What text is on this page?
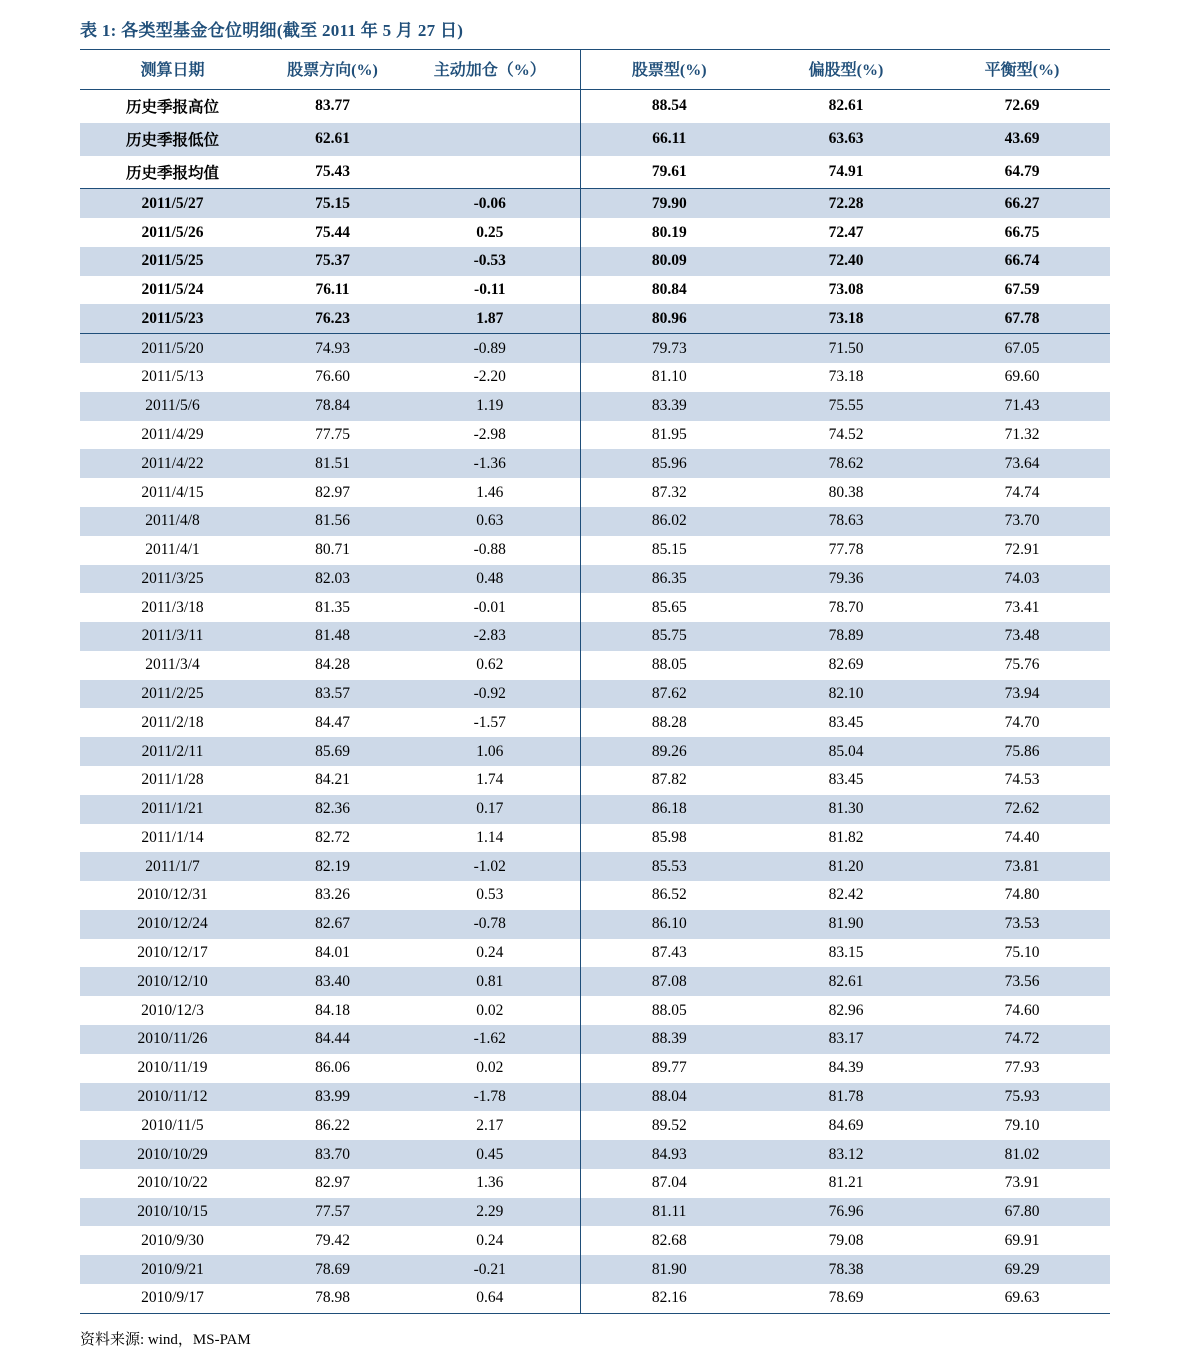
表 1: 各类型基金仓位明细(截至 2011 年 5 月 27 日)
测算日期	股票方向(%)	主动加仓（%）	股票型(%)	偏股型(%)	平衡型(%)
历史季报高位	83.77		88.54	82.61	72.69
历史季报低位	62.61		66.11	63.63	43.69
历史季报均值	75.43		79.61	74.91	64.79
2011/5/27	75.15	-0.06	79.90	72.28	66.27
2011/5/26	75.44	0.25	80.19	72.47	66.75
2011/5/25	75.37	-0.53	80.09	72.40	66.74
2011/5/24	76.11	-0.11	80.84	73.08	67.59
2011/5/23	76.23	1.87	80.96	73.18	67.78
2011/5/20	74.93	-0.89	79.73	71.50	67.05
2011/5/13	76.60	-2.20	81.10	73.18	69.60
2011/5/6	78.84	1.19	83.39	75.55	71.43
2011/4/29	77.75	-2.98	81.95	74.52	71.32
2011/4/22	81.51	-1.36	85.96	78.62	73.64
2011/4/15	82.97	1.46	87.32	80.38	74.74
2011/4/8	81.56	0.63	86.02	78.63	73.70
2011/4/1	80.71	-0.88	85.15	77.78	72.91
2011/3/25	82.03	0.48	86.35	79.36	74.03
2011/3/18	81.35	-0.01	85.65	78.70	73.41
2011/3/11	81.48	-2.83	85.75	78.89	73.48
2011/3/4	84.28	0.62	88.05	82.69	75.76
2011/2/25	83.57	-0.92	87.62	82.10	73.94
2011/2/18	84.47	-1.57	88.28	83.45	74.70
2011/2/11	85.69	1.06	89.26	85.04	75.86
2011/1/28	84.21	1.74	87.82	83.45	74.53
2011/1/21	82.36	0.17	86.18	81.30	72.62
2011/1/14	82.72	1.14	85.98	81.82	74.40
2011/1/7	82.19	-1.02	85.53	81.20	73.81
2010/12/31	83.26	0.53	86.52	82.42	74.80
2010/12/24	82.67	-0.78	86.10	81.90	73.53
2010/12/17	84.01	0.24	87.43	83.15	75.10
2010/12/10	83.40	0.81	87.08	82.61	73.56
2010/12/3	84.18	0.02	88.05	82.96	74.60
2010/11/26	84.44	-1.62	88.39	83.17	74.72
2010/11/19	86.06	0.02	89.77	84.39	77.93
2010/11/12	83.99	-1.78	88.04	81.78	75.93
2010/11/5	86.22	2.17	89.52	84.69	79.10
2010/10/29	83.70	0.45	84.93	83.12	81.02
2010/10/22	82.97	1.36	87.04	81.21	73.91
2010/10/15	77.57	2.29	81.11	76.96	67.80
2010/9/30	79.42	0.24	82.68	79.08	69.91
2010/9/21	78.69	-0.21	81.90	78.38	69.29
2010/9/17	78.98	0.64	82.16	78.69	69.63
资料来源: wind，MS-PAM
